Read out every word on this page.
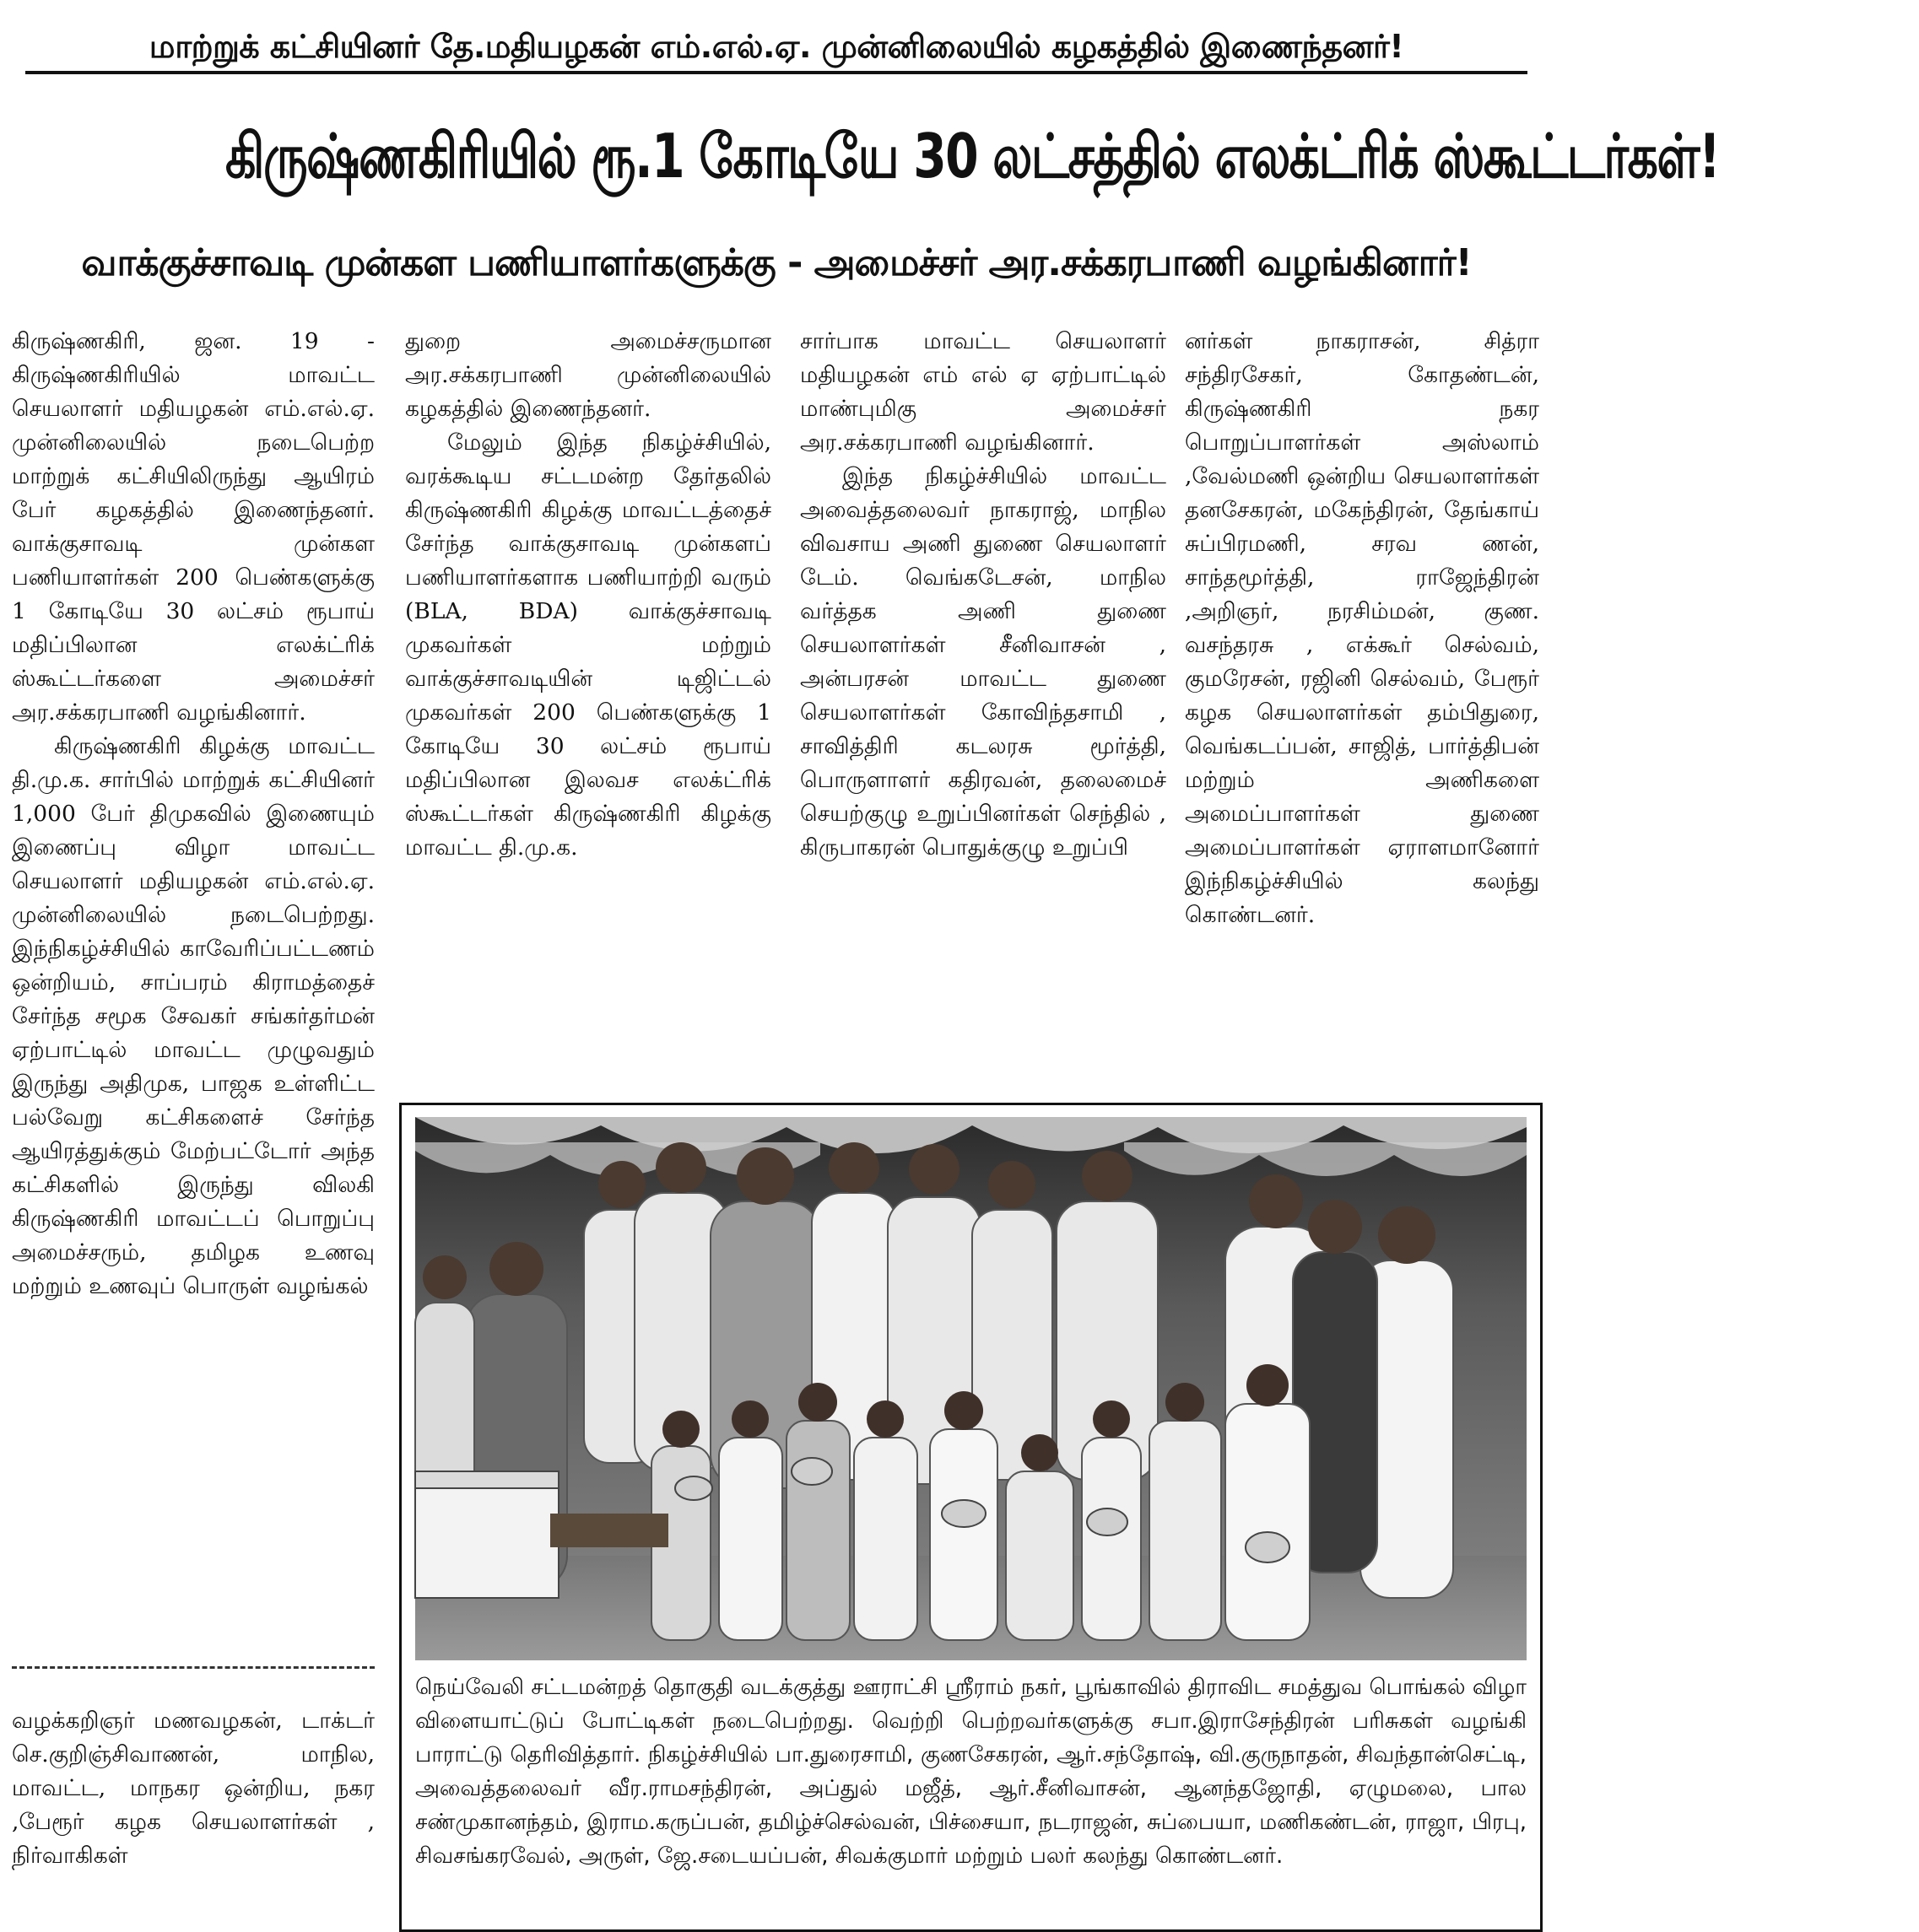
மாற்றுக் கட்சியினர் தே.மதியழகன் எம்.எல்.ஏ. முன்னிலையில் கழகத்தில் இணைந்தனர்!
கிருஷ்ணகிரியில் ரூ.1 கோடியே 30 லட்சத்தில் எலக்ட்ரிக் ஸ்கூட்டர்கள்!
வாக்குச்சாவடி முன்கள பணியாளர்களுக்கு - அமைச்சர் அர.சக்கரபாணி வழங்கினார்!

கிருஷ்ணகிரி, ஜன. 19 - கிருஷ்ணகிரியில் மாவட்ட செயலாளர் மதியழகன் எம்.எல்.ஏ. முன்னிலையில் நடைபெற்ற மாற்றுக் கட்சியிலிருந்து ஆயிரம் பேர் கழகத்தில் இணைந்தனர். வாக்குசாவடி முன்கள பணியாளர்கள் 200 பெண்களுக்கு 1 கோடியே 30 லட்சம் ரூபாய் மதிப்பிலான எலக்ட்ரிக் ஸ்கூட்டர்களை அமைச்சர் அர.சக்கரபாணி வழங்கினார்.

கிருஷ்ணகிரி கிழக்கு மாவட்ட தி.மு.க. சார்பில் மாற்றுக் கட்சியினர் 1,000 பேர் திமுகவில் இணையும் இணைப்பு விழா மாவட்ட செயலாளர் மதியழகன் எம்.எல்.ஏ. முன்னிலையில் நடைபெற்றது. இந்நிகழ்ச்சியில் காவேரிப்பட்டணம் ஒன்றியம், சாப்பரம் கிராமத்தைச் சேர்ந்த சமூக சேவகர் சங்கர்தர்மன் ஏற்பாட்டில் மாவட்ட முழுவதும் இருந்து அதிமுக, பாஜக உள்ளிட்ட பல்வேறு கட்சிகளைச் சேர்ந்த ஆயிரத்துக்கும் மேற்பட்டோர் அந்த கட்சிகளில் இருந்து விலகி கிருஷ்ணகிரி மாவட்டப் பொறுப்பு அமைச்சரும், தமிழக உணவு மற்றும் உணவுப் பொருள் வழங்கல்

வழக்கறிஞர் மணவழகன், டாக்டர் செ.குறிஞ்சிவாணன், மாநில, மாவட்ட, மாநகர ஒன்றிய, நகர ,பேரூர் கழக செயலாளர்கள் , நிர்வாகிகள்

துறை அமைச்சருமான அர.சக்கரபாணி முன்னிலையில் கழகத்தில் இணைந்தனர்.

மேலும் இந்த நிகழ்ச்சியில், வரக்கூடிய சட்டமன்ற தேர்தலில் கிருஷ்ணகிரி கிழக்கு மாவட்டத்தைச் சேர்ந்த வாக்குசாவடி முன்களப் பணியாளர்களாக பணியாற்றி வரும் (BLA, BDA) வாக்குச்சாவடி முகவர்கள் மற்றும் வாக்குச்சாவடியின் டிஜிட்டல் முகவர்கள் 200 பெண்களுக்கு 1 கோடியே 30 லட்சம் ரூபாய் மதிப்பிலான இலவச எலக்ட்ரிக் ஸ்கூட்டர்கள் கிருஷ்ணகிரி கிழக்கு மாவட்ட தி.மு.க.

சார்பாக மாவட்ட செயலாளர் மதியழகன் எம் எல் ஏ ஏற்பாட்டில் மாண்புமிகு அமைச்சர் அர.சக்கரபாணி வழங்கினார்.

இந்த நிகழ்ச்சியில் மாவட்ட அவைத்தலைவர் நாகராஜ், மாநில விவசாய அணி துணை செயலாளர் டேம். வெங்கடேசன், மாநில வர்த்தக அணி துணை செயலாளர்கள் சீனிவாசன் , அன்பரசன் மாவட்ட துணை செயலாளர்கள் கோவிந்தசாமி , சாவித்திரி கடலரசு மூர்த்தி, பொருளாளர் கதிரவன், தலைமைச் செயற்குழு உறுப்பினர்கள் செந்தில் , கிருபாகரன் பொதுக்குழு உறுப்பி

னர்கள் நாகராசன், சித்ரா சந்திரசேகர், கோதண்டன், கிருஷ்ணகிரி நகர பொறுப்பாளர்கள் அஸ்லாம் ,வேல்மணி ஒன்றிய செயலாளர்கள் தனசேகரன், மகேந்திரன், தேங்காய் சுப்பிரமணி, சரவ ணன், சாந்தமூர்த்தி, ராஜேந்திரன் ,அறிஞர், நரசிம்மன், குண. வசந்தரசு , எக்கூர் செல்வம், குமரேசன், ரஜினி செல்வம், பேரூர் கழக செயலாளர்கள் தம்பிதுரை, வெங்கடப்பன், சாஜித், பார்த்திபன் மற்றும் அணிகளை அமைப்பாளர்கள் துணை அமைப்பாளர்கள் ஏராளமானோர் இந்நிகழ்ச்சியில் கலந்து கொண்டனர்.

நெய்வேலி சட்டமன்றத் தொகுதி வடக்குத்து ஊராட்சி ஸ்ரீராம் நகர், பூங்காவில் திராவிட சமத்துவ பொங்கல் விழா விளையாட்டுப் போட்டிகள் நடைபெற்றது. வெற்றி பெற்றவர்களுக்கு சபா.இராசேந்திரன் பரிசுகள் வழங்கி பாராட்டு தெரிவித்தார். நிகழ்ச்சியில் பா.துரைசாமி, குணசேகரன், ஆர்.சந்தோஷ், வி.குருநாதன், சிவந்தான்செட்டி, அவைத்தலைவர் வீர.ராமசந்திரன், அப்துல் மஜீத், ஆர்.சீனிவாசன், ஆனந்தஜோதி, ஏழுமலை, பால சண்முகானந்தம், இராம.கருப்பன், தமிழ்ச்செல்வன், பிச்சையா, நடராஜன், சுப்பையா, மணிகண்டன், ராஜா, பிரபு, சிவசங்கரவேல், அருள், ஜே.சடையப்பன், சிவக்குமார் மற்றும் பலர் கலந்து கொண்டனர்.
